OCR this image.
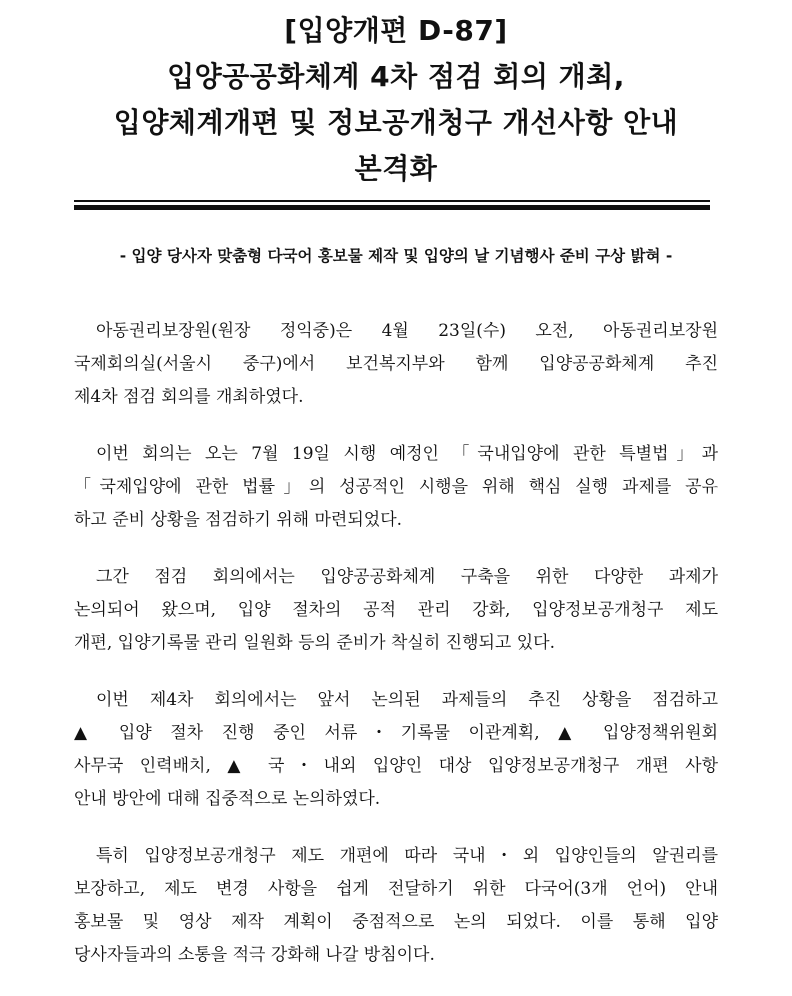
[입양개편 D-87]
입양공공화체계 4차 점검 회의 개최,
입양체계개편 및 정보공개청구 개선사항 안내
본격화
- 입양 당사자 맞춤형 다국어 홍보물 제작 및 입양의 날 기념행사 준비 구상 밝혀 -
아동권리보장원(원장 정익중)은 4월 23일(수) 오전, 아동권리보장원
국제회의실(서울시 중구)에서 보건복지부와 함께 입양공공화체계 추진
제4차 점검 회의를 개최하였다.
이번 회의는 오는 7월 19일 시행 예정인 「국내입양에 관한 특별법」과
「국제입양에 관한 법률」의 성공적인 시행을 위해 핵심 실행 과제를 공유
하고 준비 상황을 점검하기 위해 마련되었다.
그간 점검 회의에서는 입양공공화체계 구축을 위한 다양한 과제가
논의되어 왔으며, 입양 절차의 공적 관리 강화, 입양정보공개청구 제도
개편, 입양기록물 관리 일원화 등의 준비가 착실히 진행되고 있다.
이번 제4차 회의에서는 앞서 논의된 과제들의 추진 상황을 점검하고
▲ 입양 절차 진행 중인 서류・기록물 이관계획, ▲ 입양정책위원회
사무국 인력배치, ▲ 국・내외 입양인 대상 입양정보공개청구 개편 사항
안내 방안에 대해 집중적으로 논의하였다.
특히 입양정보공개청구 제도 개편에 따라 국내・외 입양인들의 알권리를
보장하고, 제도 변경 사항을 쉽게 전달하기 위한 다국어(3개 언어) 안내
홍보물 및 영상 제작 계획이 중점적으로 논의 되었다. 이를 통해 입양
당사자들과의 소통을 적극 강화해 나갈 방침이다.
